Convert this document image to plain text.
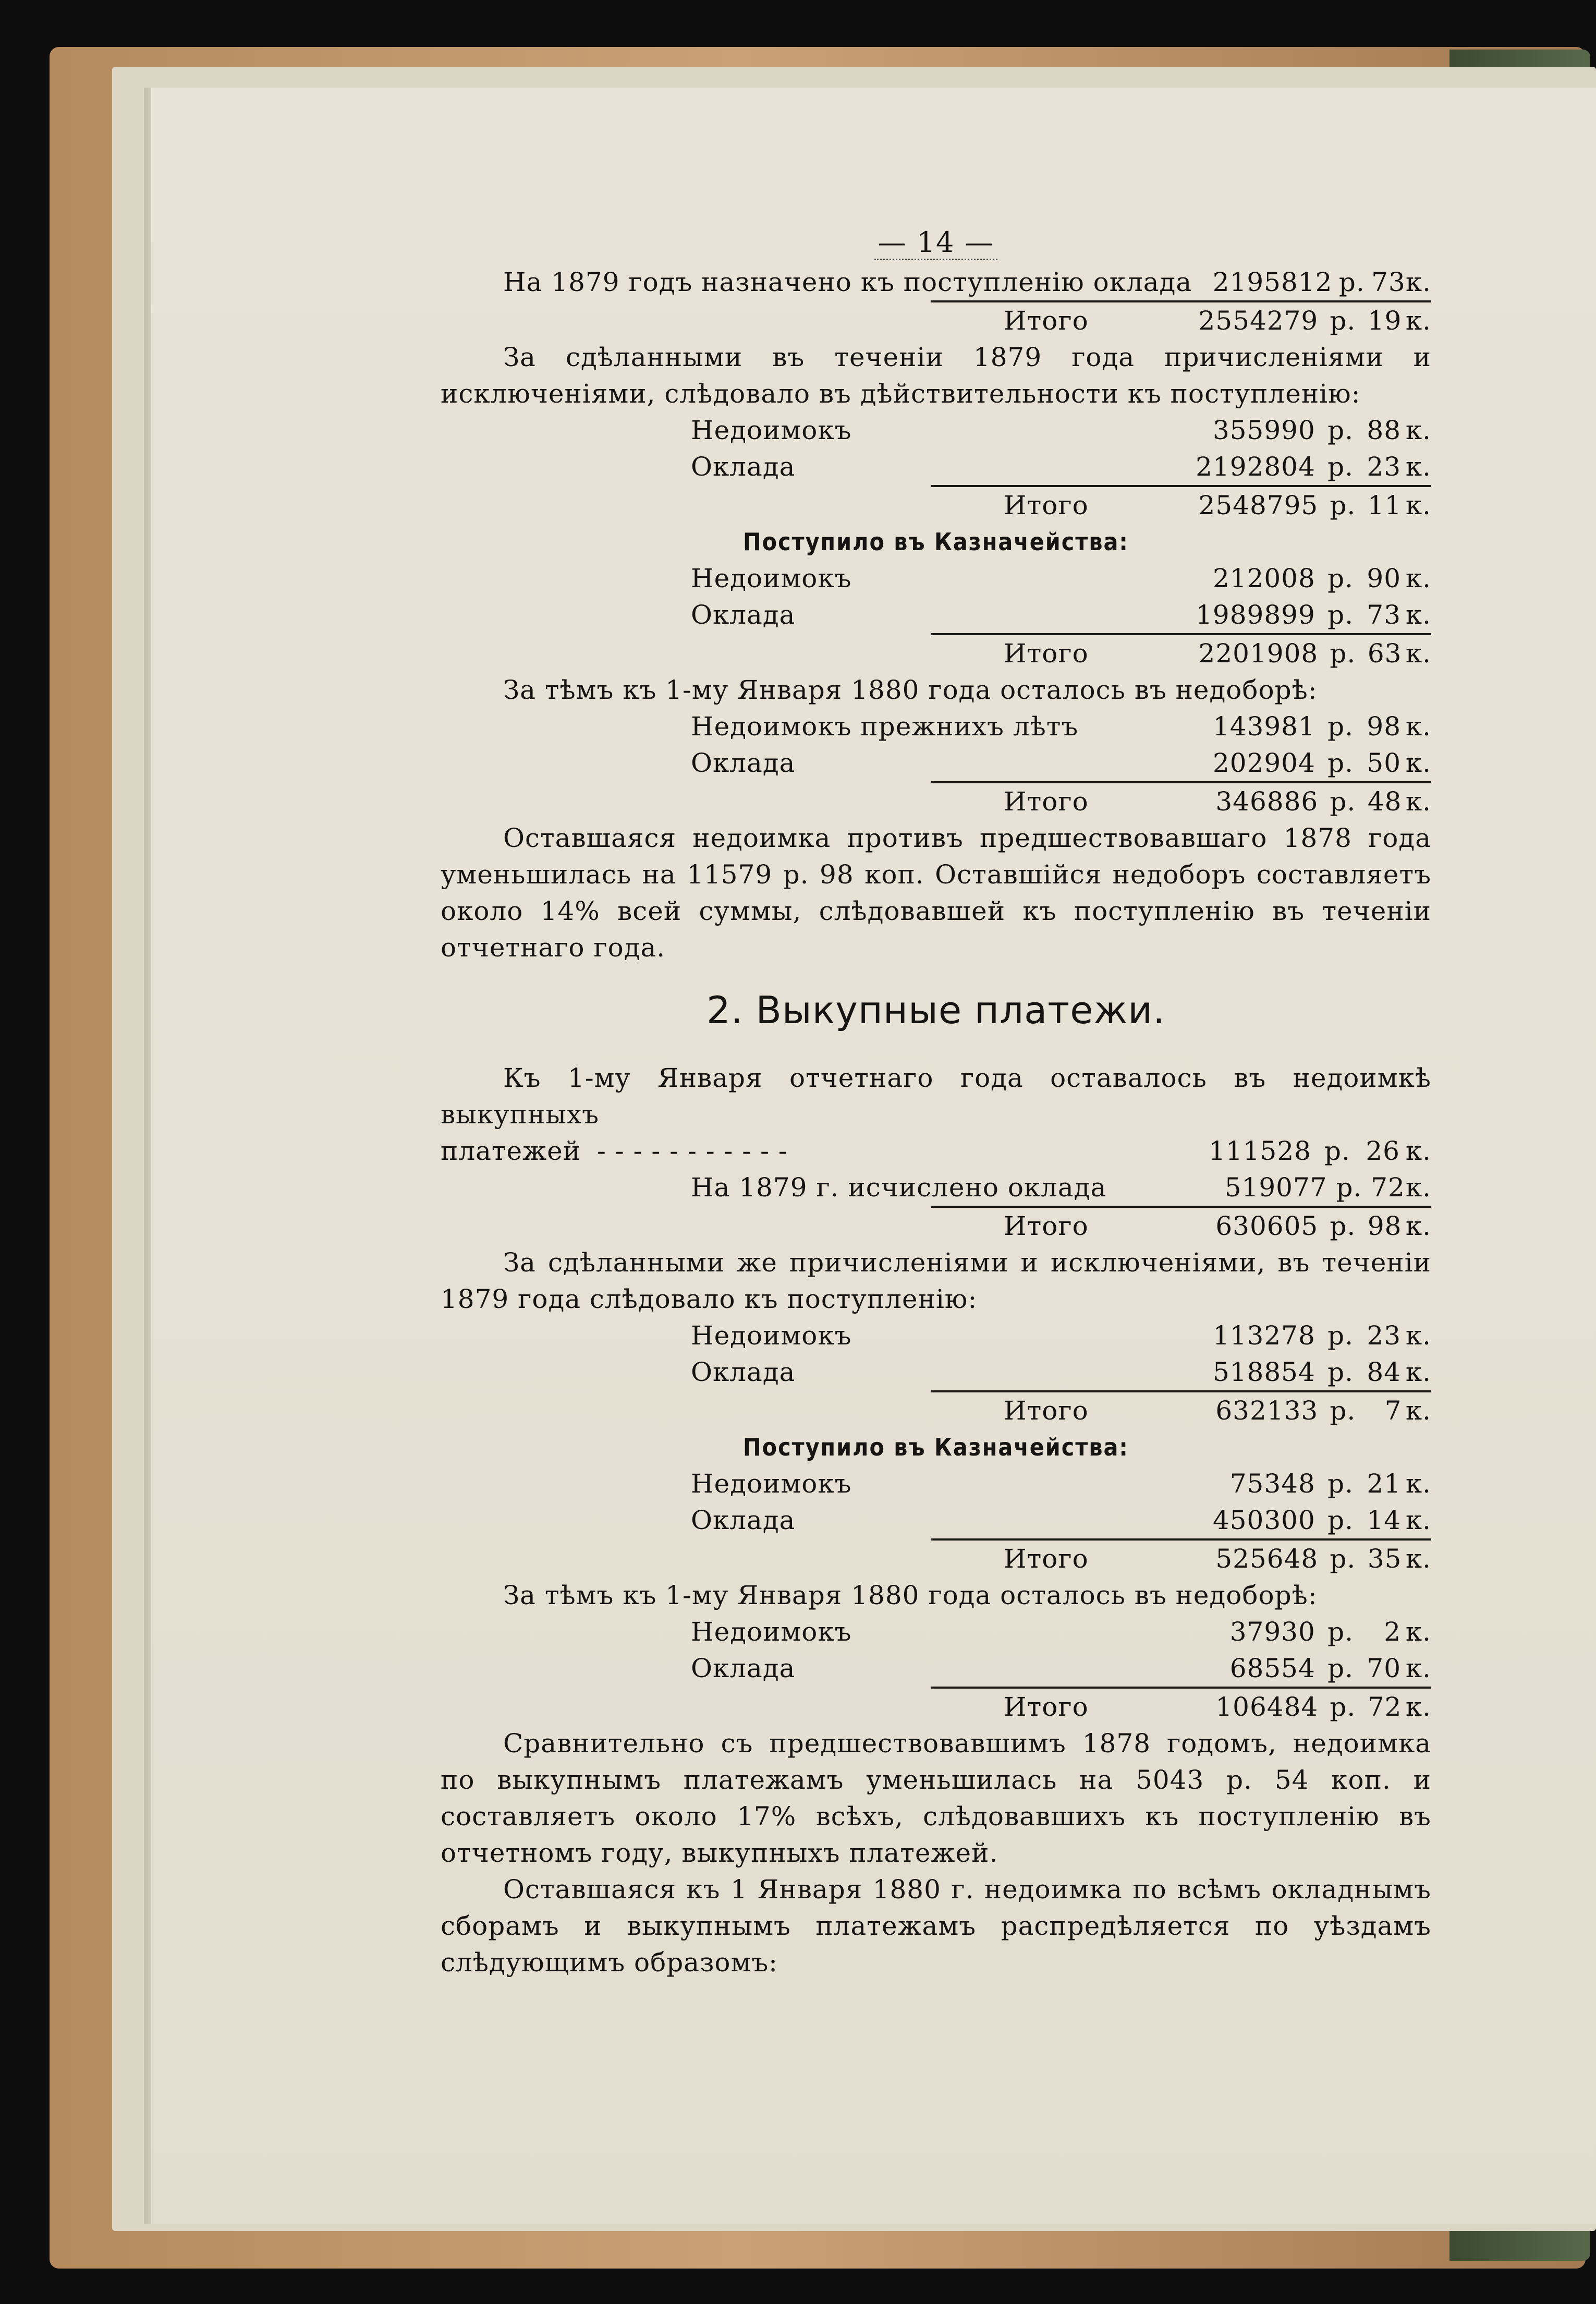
— 14 —
На 1879 годъ назначено къ поступленію оклада 2195812 р. 73 к.
Итого	2554279 р. 19 к.

За сдѣланными въ теченіи 1879 года причисленіями и исключеніями, слѣдовало въ дѣйствительности къ поступленію:

Недоимокъ	355990 р. 88 к.
Оклада	2192804 р. 23 к.
Итого	2548795 р. 11 к.
Поступило въ Казначейства:
Недоимокъ	212008 р. 90 к.
Оклада	1989899 р. 73 к.
Итого	2201908 р. 63 к.

За тѣмъ къ 1-му Января 1880 года осталось въ недоборѣ:

Недоимокъ прежнихъ лѣтъ	143981 р. 98 к.
Оклада	202904 р. 50 к.
Итого	346886 р. 48 к.

Оставшаяся недоимка противъ предшествовавшаго 1878 года уменьшилась на 11579 р. 98 коп. Оставшійся недоборъ составляетъ около 14% всей суммы, слѣдовавшей къ поступленію въ теченіи отчетнаго года.

2. Выкупные платежи.

Къ 1-му Января отчетнаго года оставалось въ недоимкѣ выкупныхъ

платежей - - - - - - - - - - -	111528 р. 26 к.
На 1879 г. исчислено оклада	519077 р. 72 к.
Итого	630605 р. 98 к.

За сдѣланными же причисленіями и исключеніями, въ теченіи 1879 года слѣдовало къ поступленію:

Недоимокъ	113278 р. 23 к.
Оклада	518854 р. 84 к.
Итого	632133 р.	7 к.
Поступило въ Казначейства:
Недоимокъ	75348 р. 21 к.
Оклада	450300 р. 14 к.
Итого	525648 р. 35 к.

За тѣмъ къ 1-му Января 1880 года осталось въ недоборѣ:

Недоимокъ	37930 р.	2 к.
Оклада	68554 р. 70 к.
Итого	106484 р. 72 к.

Сравнительно съ предшествовавшимъ 1878 годомъ, недоимка по выкупнымъ платежамъ уменьшилась на 5043 р. 54 коп. и составляетъ около 17% всѣхъ, слѣдовавшихъ къ поступленію въ отчетномъ году, выкупныхъ платежей.

Оставшаяся къ 1 Января 1880 г. недоимка по всѣмъ окладнымъ сборамъ и выкупнымъ платежамъ распредѣляется по уѣздамъ слѣдующимъ образомъ:
